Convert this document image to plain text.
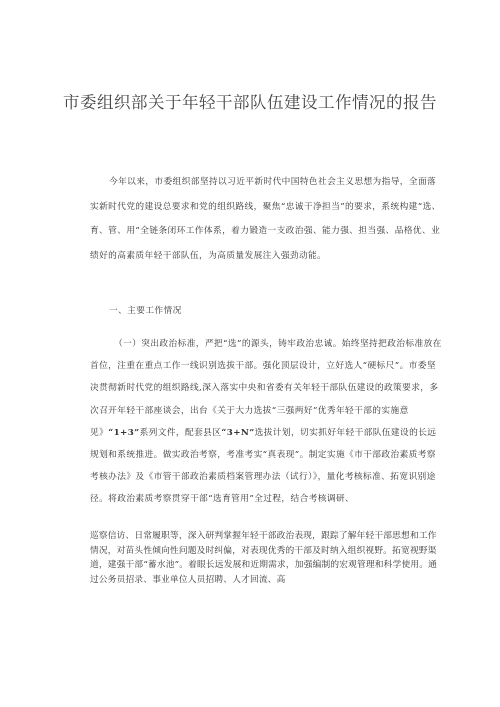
市委组织部关于年轻干部队伍建设工作情况的报告

今年以来，市委组织部坚持以习近平新时代中国特色社会主义思想为指导，全面落实新时代党的建设总要求和党的组织路线，聚焦“忠诚干净担当”的要求，系统构建“选、育、管、用”全链条闭环工作体系，着力锻造一支政治强、能力强、担当强、品格优、业绩好的高素质年轻干部队伍，为高质量发展注入强劲动能。

一、主要工作情况

（一）突出政治标准，严把“选”的源头，铸牢政治忠诚。始终坚持把政治标准放在首位，注重在重点工作一线识别选拔干部。强化顶层设计，立好选人“硬标尺”。市委坚决贯彻新时代党的组织路线,深入落实中央和省委有关年轻干部队伍建设的政策要求，多次召开年轻干部座谈会，出台《关于大力选拔“三强两好”优秀年轻干部的实施意见》“1+3”系列文件，配套县区“3+N”选拔计划，切实抓好年轻干部队伍建设的长远规划和系统推进。做实政治考察，考准考实“真表现”。制定实施《市干部政治素质考察考核办法》及《市管干部政治素质档案管理办法（试行）》，量化考核标准、拓宽识别途径。将政治素质考察贯穿干部“选育管用”全过程，结合考核调研、

巡察信访、日常履职等，深入研判掌握年轻干部政治表现，跟踪了解年轻干部思想和工作情况，对苗头性倾向性问题及时纠偏，对表现优秀的干部及时纳入组织视野。拓宽视野渠道，建强干部“蓄水池”。着眼长远发展和近期需求，加强编制的宏观管理和科学使用。通过公务员招录、事业单位人员招聘、人才回流、高
